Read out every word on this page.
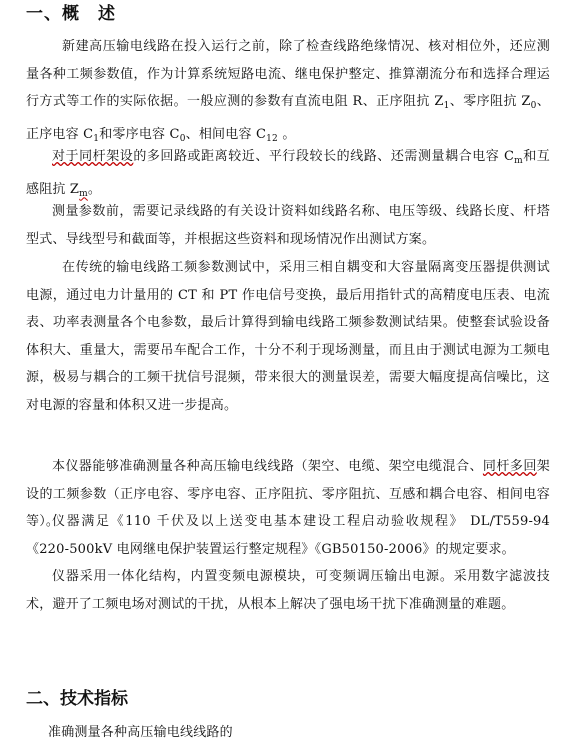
一、概　述

新建高压输电线路在投入运行之前，除了检查线路绝缘情况、核对相位外，还应测量各种工频参数值，作为计算系统短路电流、继电保护整定、推算潮流分布和选择合理运行方式等工作的实际依据。一般应测的参数有直流电阻 R、正序阻抗 $Z_1$、零序阻抗 $Z_0$、正序电容 $C_1$和零序电容 $C_0$、相间电容 $C_{12}$ 。

对于同杆架设的多回路或距离较近、平行段较长的线路、还需测量耦合电容 $C_m$和互感阻抗 $Z_m$。

测量参数前，需要记录线路的有关设计资料如线路名称、电压等级、线路长度、杆塔型式、导线型号和截面等，并根据这些资料和现场情况作出测试方案。

在传统的输电线路工频参数测试中，采用三相自耦变和大容量隔离变压器提供测试电源，通过电力计量用的 CT 和 PT 作电信号变换，最后用指针式的高精度电压表、电流表、功率表测量各个电参数，最后计算得到输电线路工频参数测试结果。使整套试验设备体积大、重量大，需要吊车配合工作，十分不利于现场测量，而且由于测试电源为工频电源，极易与耦合的工频干扰信号混频，带来很大的测量误差，需要大幅度提高信噪比，这对电源的容量和体积又进一步提高。

本仪器能够准确测量各种高压输电线线路（架空、电缆、架空电缆混合、同杆多回架设的工频参数（正序电容、零序电容、正序阻抗、零序阻抗、互感和耦合电容、相间电容等）。

仪器满足《110 千伏及以上送变电基本建设工程启动验收规程》 DL/T559-94《220-500kV 电网继电保护装置运行整定规程》《GB50150-2006》的规定要求。

仪器采用一体化结构，内置变频电源模块，可变频调压输出电源。采用数字滤波技术，避开了工频电场对测试的干扰，从根本上解决了强电场干扰下准确测量的难题。

二、技术指标

准确测量各种高压输电线线路的
